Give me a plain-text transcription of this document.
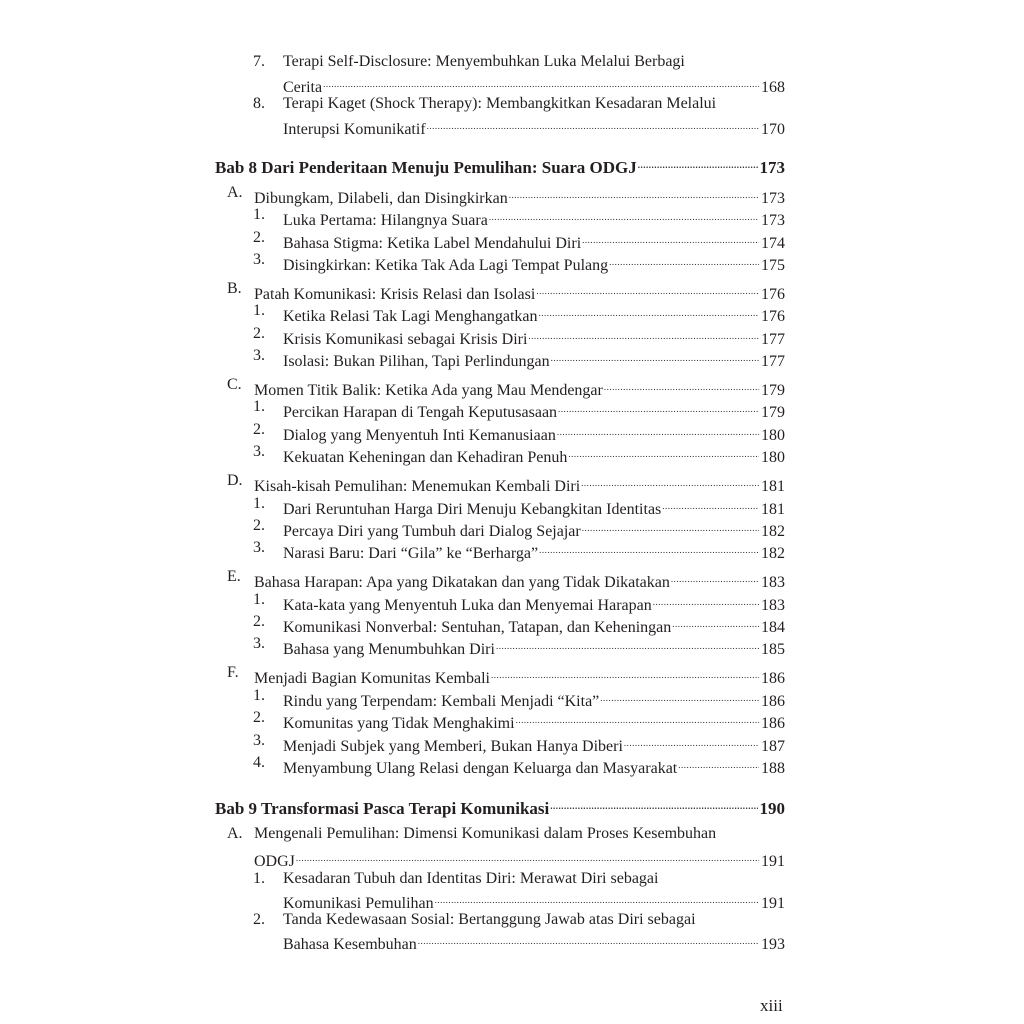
7. Terapi Self-Disclosure: Menyembuhkan Luka Melalui Berbagi
Cerita .....	168
8. Terapi Kaget (Shock Therapy): Membangkitkan Kesadaran Melalui
Interupsi Komunikatif .....	170
Bab 8 Dari Penderitaan Menuju Pemulihan: Suara ODGJ .....	173
A. Dibungkam, Dilabeli, dan Disingkirkan .....	173
1. Luka Pertama: Hilangnya Suara .....	173
2. Bahasa Stigma: Ketika Label Mendahului Diri .....	174
3. Disingkirkan: Ketika Tak Ada Lagi Tempat Pulang .....	175
B. Patah Komunikasi: Krisis Relasi dan Isolasi .....	176
1. Ketika Relasi Tak Lagi Menghangatkan .....	176
2. Krisis Komunikasi sebagai Krisis Diri .....	177
3. Isolasi: Bukan Pilihan, Tapi Perlindungan .....	177
C. Momen Titik Balik: Ketika Ada yang Mau Mendengar .....	179
1. Percikan Harapan di Tengah Keputusasaan .....	179
2. Dialog yang Menyentuh Inti Kemanusiaan .....	180
3. Kekuatan Keheningan dan Kehadiran Penuh .....	180
D. Kisah-kisah Pemulihan: Menemukan Kembali Diri .....	181
1. Dari Reruntuhan Harga Diri Menuju Kebangkitan Identitas .....	181
2. Percaya Diri yang Tumbuh dari Dialog Sejajar .....	182
3. Narasi Baru: Dari “Gila” ke “Berharga” .....	182
E. Bahasa Harapan: Apa yang Dikatakan dan yang Tidak Dikatakan .....	183
1. Kata-kata yang Menyentuh Luka dan Menyemai Harapan .....	183
2. Komunikasi Nonverbal: Sentuhan, Tatapan, dan Keheningan .....	184
3. Bahasa yang Menumbuhkan Diri .....	185
F. Menjadi Bagian Komunitas Kembali .....	186
1. Rindu yang Terpendam: Kembali Menjadi “Kita” .....	186
2. Komunitas yang Tidak Menghakimi .....	186
3. Menjadi Subjek yang Memberi, Bukan Hanya Diberi .....	187
4. Menyambung Ulang Relasi dengan Keluarga dan Masyarakat .....	188
Bab 9 Transformasi Pasca Terapi Komunikasi .....	190
A. Mengenali Pemulihan: Dimensi Komunikasi dalam Proses Kesembuhan
ODGJ .....	191
1. Kesadaran Tubuh dan Identitas Diri: Merawat Diri sebagai
Komunikasi Pemulihan .....	191
2. Tanda Kedewasaan Sosial: Bertanggung Jawab atas Diri sebagai
Bahasa Kesembuhan .....	193
xiii
